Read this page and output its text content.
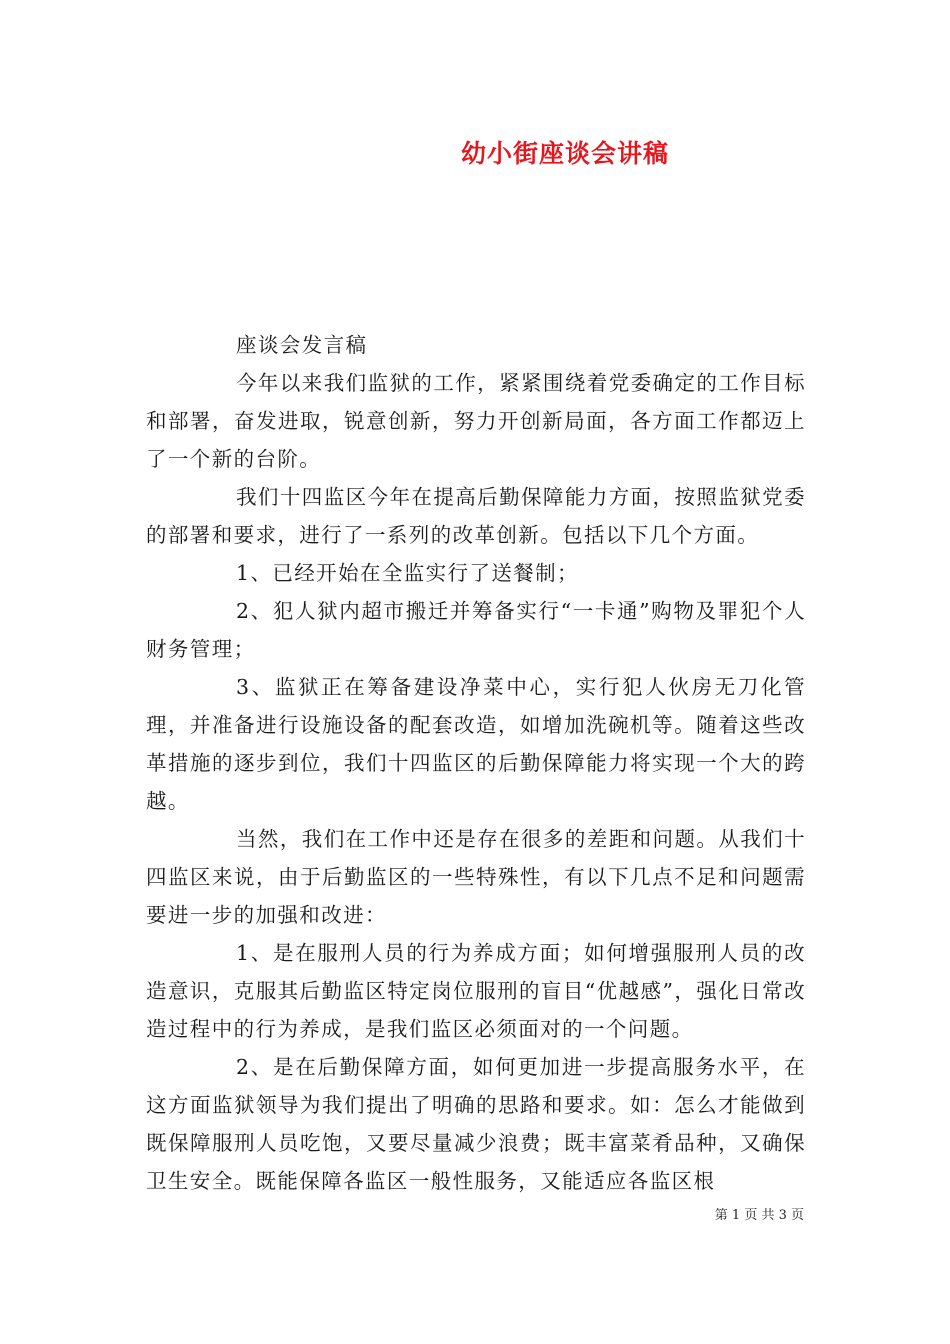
幼小街座谈会讲稿

座谈会发言稿

今年以来我们监狱的工作，紧紧围绕着党委确定的工作目标和部署，奋发进取，锐意创新，努力开创新局面，各方面工作都迈上了一个新的台阶。

我们十四监区今年在提高后勤保障能力方面，按照监狱党委的部署和要求，进行了一系列的改革创新。包括以下几个方面。

1、已经开始在全监实行了送餐制；

2、犯人狱内超市搬迁并筹备实行“一卡通”购物及罪犯个人财务管理；

3、监狱正在筹备建设净菜中心，实行犯人伙房无刀化管理，并准备进行设施设备的配套改造，如增加洗碗机等。随着这些改革措施的逐步到位，我们十四监区的后勤保障能力将实现一个大的跨越。

当然，我们在工作中还是存在很多的差距和问题。从我们十四监区来说，由于后勤监区的一些特殊性，有以下几点不足和问题需要进一步的加强和改进：

1、是在服刑人员的行为养成方面；如何增强服刑人员的改造意识，克服其后勤监区特定岗位服刑的盲目“优越感”，强化日常改造过程中的行为养成，是我们监区必须面对的一个问题。

2、是在后勤保障方面，如何更加进一步提高服务水平，在这方面监狱领导为我们提出了明确的思路和要求。如：怎么才能做到既保障服刑人员吃饱，又要尽量减少浪费；既丰富菜肴品种，又确保卫生安全。既能保障各监区一般性服务，又能适应各监区根

第 1 页 共 3 页
